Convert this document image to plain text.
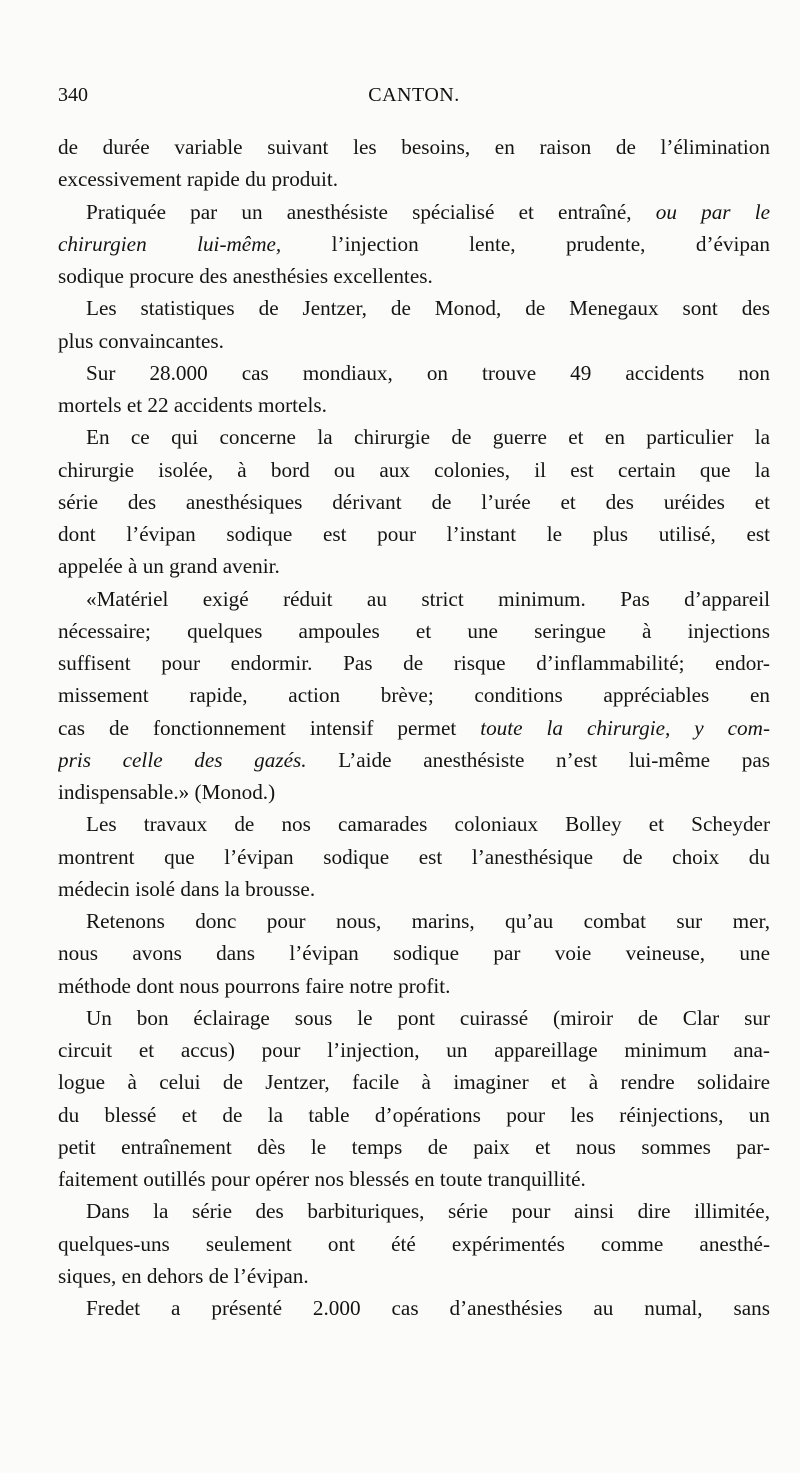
340	CANTON.

de durée variable suivant les besoins, en raison de l’élimination
excessivement rapide du produit.

Pratiquée par un anesthésiste spécialisé et entraîné, ou par le
chirurgien lui-même, l’injection lente, prudente, d’évipan
sodique procure des anesthésies excellentes.

Les statistiques de Jentzer, de Monod, de Menegaux sont des
plus convaincantes.

Sur 28.000 cas mondiaux, on trouve 49 accidents non
mortels et 22 accidents mortels.

En ce qui concerne la chirurgie de guerre et en particulier la
chirurgie isolée, à bord ou aux colonies, il est certain que la
série des anesthésiques dérivant de l’urée et des uréides et
dont l’évipan sodique est pour l’instant le plus utilisé, est
appelée à un grand avenir.

«Matériel exigé réduit au strict minimum. Pas d’appareil
nécessaire; quelques ampoules et une seringue à injections
suffisent pour endormir. Pas de risque d’inflammabilité; endor-
missement rapide, action brève; conditions appréciables en
cas de fonctionnement intensif permet toute la chirurgie, y com-
pris celle des gazés. L’aide anesthésiste n’est lui-même pas
indispensable.» (Monod.)

Les travaux de nos camarades coloniaux Bolley et Scheyder
montrent que l’évipan sodique est l’anesthésique de choix du
médecin isolé dans la brousse.

Retenons donc pour nous, marins, qu’au combat sur mer,
nous avons dans l’évipan sodique par voie veineuse, une
méthode dont nous pourrons faire notre profit.

Un bon éclairage sous le pont cuirassé (miroir de Clar sur
circuit et accus) pour l’injection, un appareillage minimum ana-
logue à celui de Jentzer, facile à imaginer et à rendre solidaire
du blessé et de la table d’opérations pour les réinjections, un
petit entraînement dès le temps de paix et nous sommes par-
faitement outillés pour opérer nos blessés en toute tranquillité.

Dans la série des barbituriques, série pour ainsi dire illimitée,
quelques-uns seulement ont été expérimentés comme anesthé-
siques, en dehors de l’évipan.

Fredet a présenté 2.000 cas d’anesthésies au numal, sans
